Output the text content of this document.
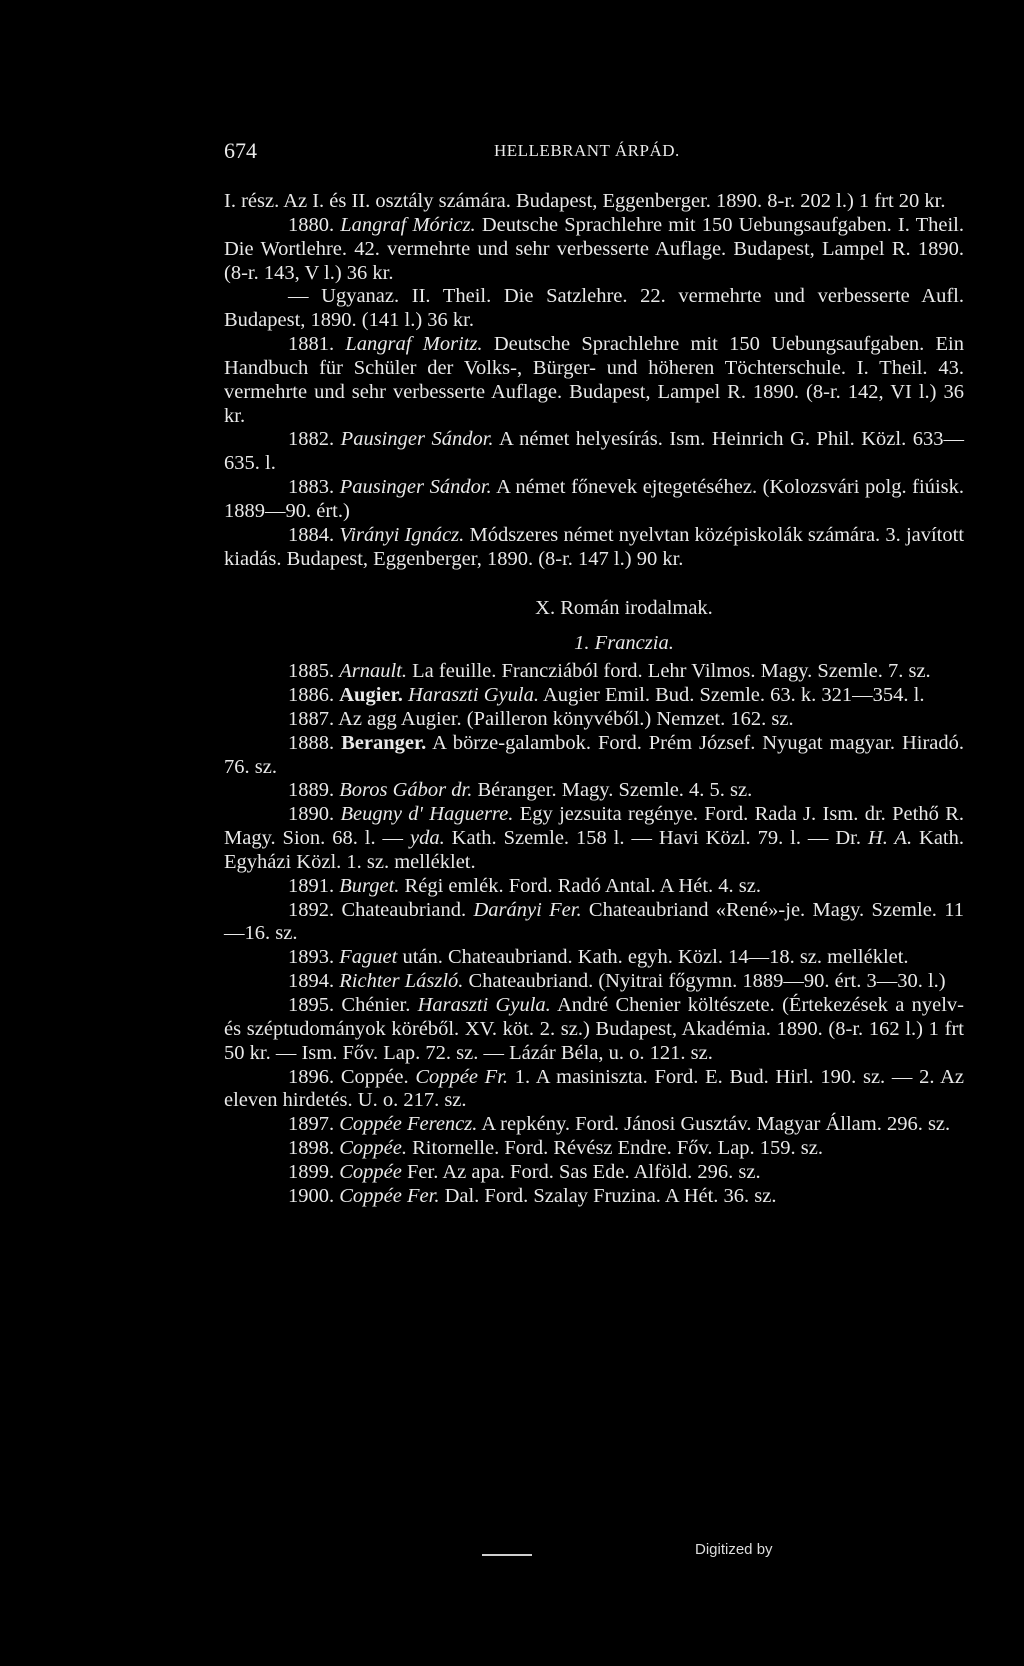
674	HELLEBRANT ÁRPÁD.

I. rész. Az I. és II. osztály számára. Budapest, Eggenberger. 1890. 8-r. 202 l.) 1 frt 20 kr.

1880. Langraf Móricz. Deutsche Sprachlehre mit 150 Uebungsaufgaben. I. Theil. Die Wortlehre. 42. vermehrte und sehr verbesserte Auflage. Budapest, Lampel R. 1890. (8-r. 143, V l.) 36 kr.

— Ugyanaz. II. Theil. Die Satzlehre. 22. vermehrte und verbesserte Aufl. Budapest, 1890. (141 l.) 36 kr.

1881. Langraf Moritz. Deutsche Sprachlehre mit 150 Uebungsaufgaben. Ein Handbuch für Schüler der Volks-, Bürger- und höheren Töchterschule. I. Theil. 43. vermehrte und sehr verbesserte Auflage. Budapest, Lampel R. 1890. (8-r. 142, VI l.) 36 kr.

1882. Pausinger Sándor. A német helyesírás. Ism. Heinrich G. Phil. Közl. 633—635. l.

1883. Pausinger Sándor. A német főnevek ejtegetéséhez. (Kolozsvári polg. fiúisk. 1889—90. ért.)

1884. Virányi Ignácz. Módszeres német nyelvtan középiskolák számára. 3. javított kiadás. Budapest, Eggenberger, 1890. (8-r. 147 l.) 90 kr.

X. Román irodalmak.

1. Franczia.

1885. Arnault. La feuille. Francziából ford. Lehr Vilmos. Magy. Szemle. 7. sz.

1886. Augier. Haraszti Gyula. Augier Emil. Bud. Szemle. 63. k. 321—354. l.

1887. Az agg Augier. (Pailleron könyvéből.) Nemzet. 162. sz.

1888. Beranger. A börze-galambok. Ford. Prém József. Nyugat magyar. Hiradó. 76. sz.

1889. Boros Gábor dr. Béranger. Magy. Szemle. 4. 5. sz.

1890. Beugny d' Haguerre. Egy jezsuita regénye. Ford. Rada J. Ism. dr. Pethő R. Magy. Sion. 68. l. — yda. Kath. Szemle. 158 l. — Havi Közl. 79. l. — Dr. H. A. Kath. Egyházi Közl. 1. sz. melléklet.

1891. Burget. Régi emlék. Ford. Radó Antal. A Hét. 4. sz.

1892. Chateaubriand. Darányi Fer. Chateaubriand «René»-je. Magy. Szemle. 11—16. sz.

1893. Faguet után. Chateaubriand. Kath. egyh. Közl. 14—18. sz. melléklet.

1894. Richter László. Chateaubriand. (Nyitrai főgymn. 1889—90. ért. 3—30. l.)

1895. Chénier. Haraszti Gyula. André Chenier költészete. (Értekezések a nyelv- és széptudományok köréből. XV. köt. 2. sz.) Budapest, Akadémia. 1890. (8-r. 162 l.) 1 frt 50 kr. — Ism. Főv. Lap. 72. sz. — Lázár Béla, u. o. 121. sz.

1896. Coppée. Coppée Fr. 1. A masiniszta. Ford. E. Bud. Hirl. 190. sz. — 2. Az eleven hirdetés. U. o. 217. sz.

1897. Coppée Ferencz. A repkény. Ford. Jánosi Gusztáv. Magyar Állam. 296. sz.

1898. Coppée. Ritornelle. Ford. Révész Endre. Főv. Lap. 159. sz.

1899. Coppée Fer. Az apa. Ford. Sas Ede. Alföld. 296. sz.

1900. Coppée Fer. Dal. Ford. Szalay Fruzina. A Hét. 36. sz.

Digitized by
